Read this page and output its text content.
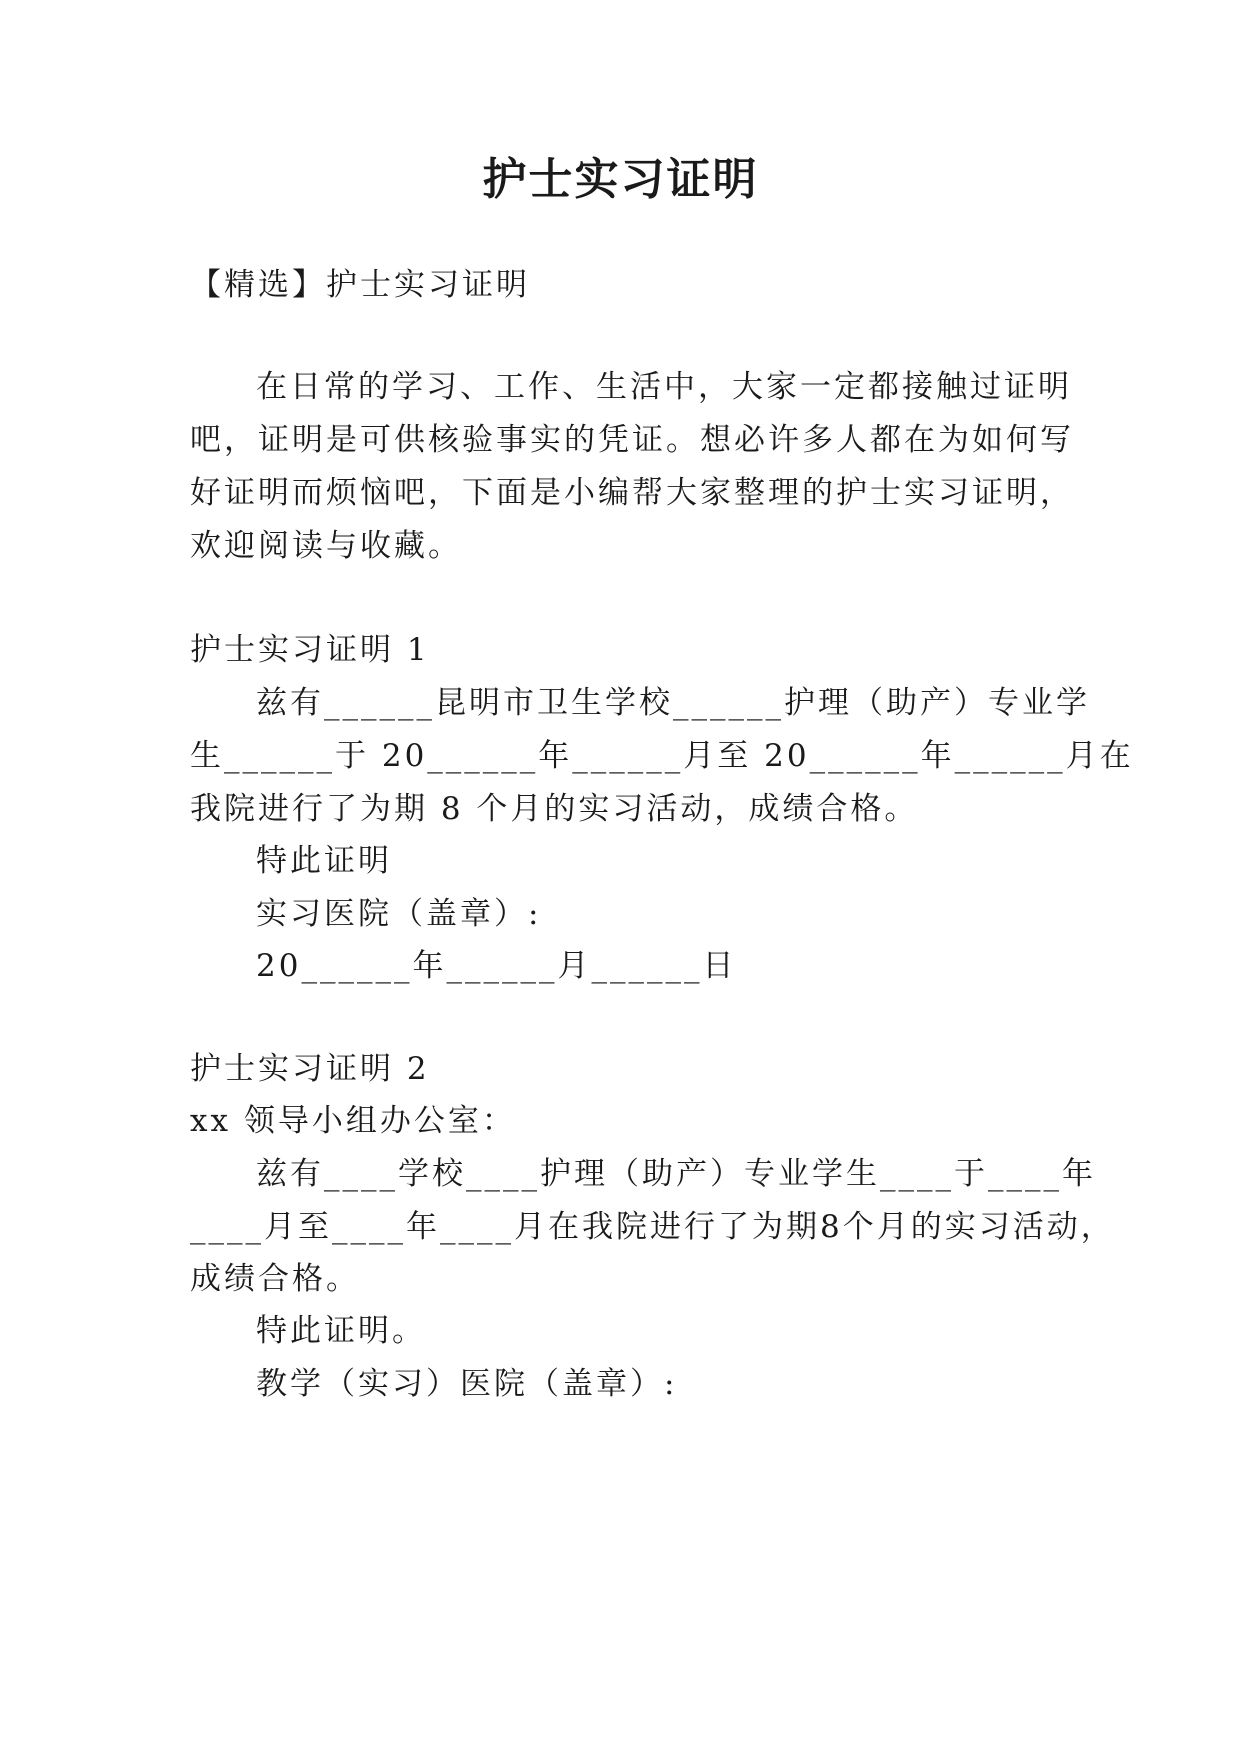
护士实习证明
【精选】护士实习证明
在日常的学习、工作、生活中，大家一定都接触过证明
吧，证明是可供核验事实的凭证。想必许多人都在为如何写
好证明而烦恼吧，下面是小编帮大家整理的护士实习证明，
欢迎阅读与收藏。
护士实习证明 1
兹有______昆明市卫生学校______护理（助产）专业学
生______于 20______年______月至 20______年______月在
我院进行了为期 8 个月的实习活动，成绩合格。
特此证明
实习医院（盖章）:
20______年______月______日
护士实习证明 2
xx 领导小组办公室：
兹有____学校____护理（助产）专业学生____于____年
____月至____年____月在我院进行了为期8个月的实习活动，
成绩合格。
特此证明。
教学（实习）医院（盖章）:
